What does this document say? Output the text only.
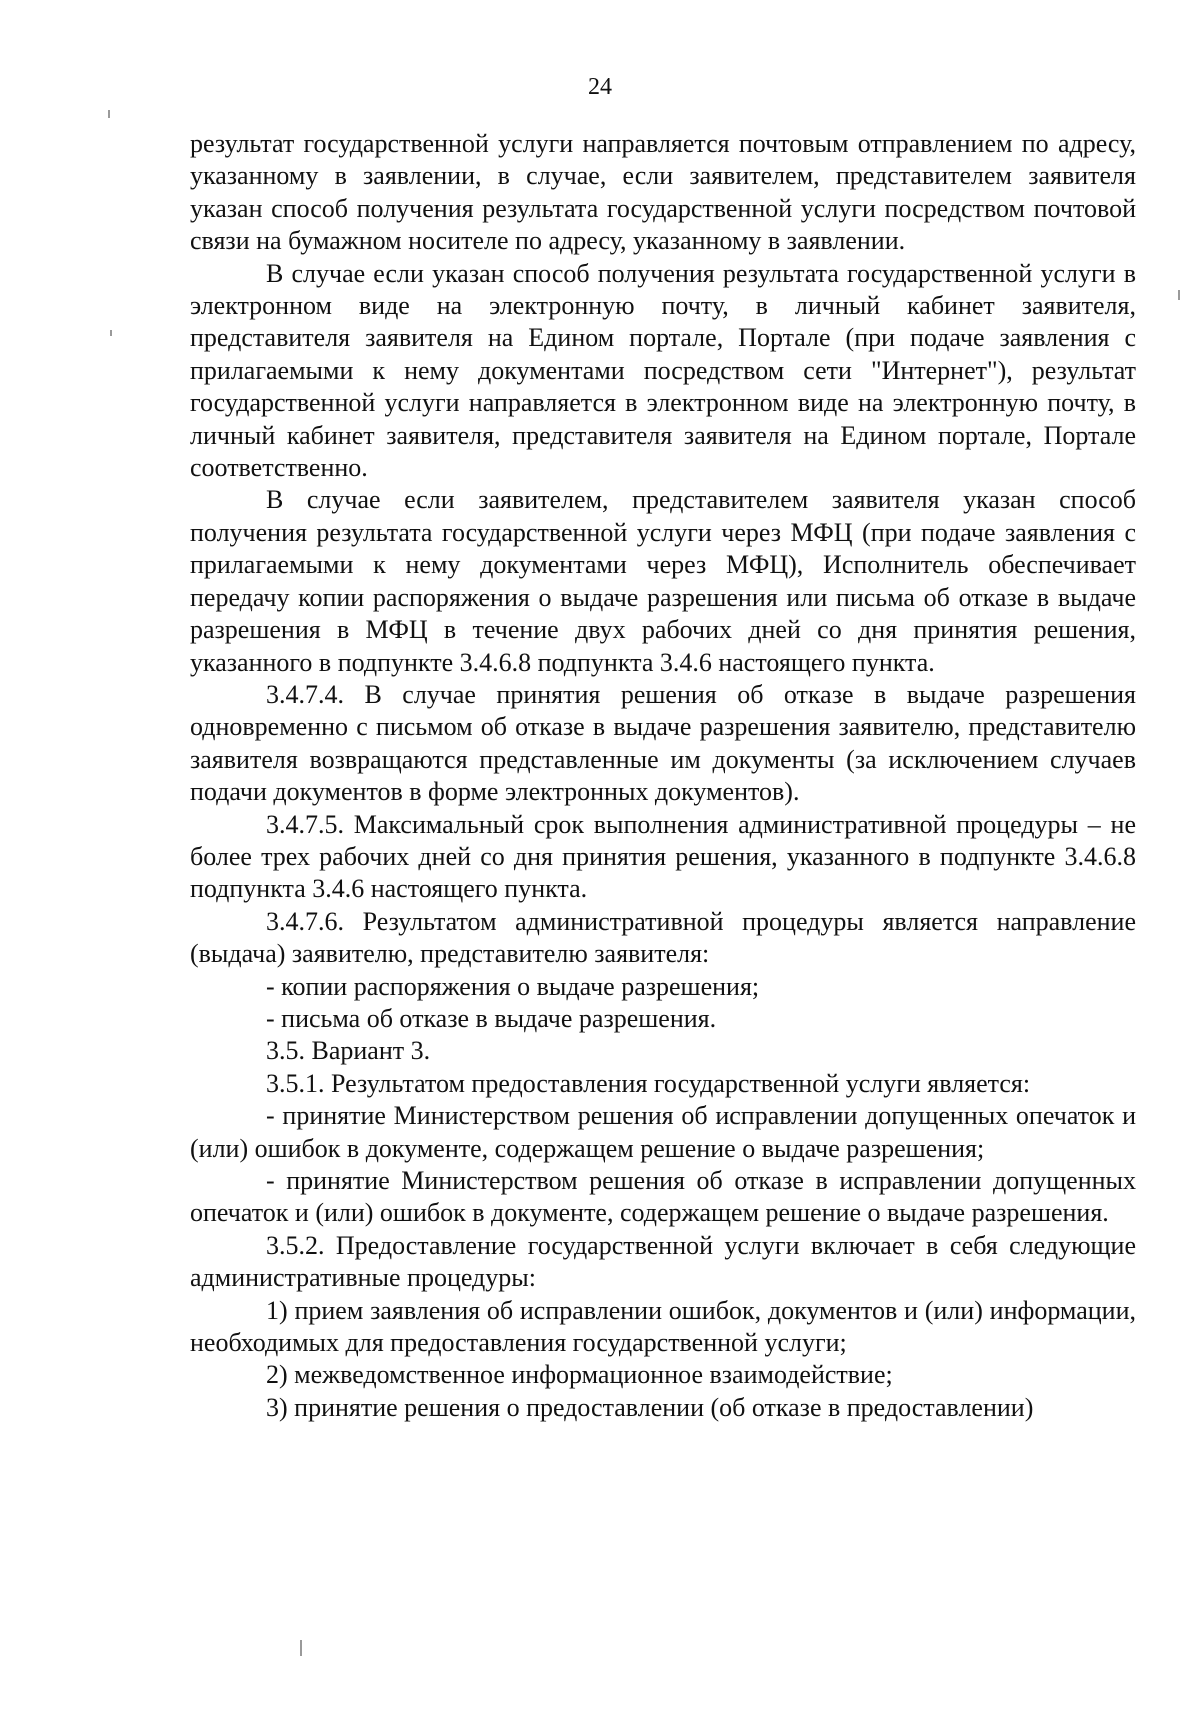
24

результат государственной услуги направляется почтовым отправлением по адресу, указанному в заявлении, в случае, если заявителем, представителем заявителя указан способ получения результата государственной услуги посредством почтовой связи на бумажном носителе по адресу, указанному в заявлении.

В случае если указан способ получения результата государственной услуги в электронном виде на электронную почту, в личный кабинет заявителя, представителя заявителя на Едином портале, Портале (при подаче заявления с прилагаемыми к нему документами посредством сети "Интернет"), результат государственной услуги направляется в электронном виде на электронную почту, в личный кабинет заявителя, представителя заявителя на Едином портале, Портале соответственно.

В случае если заявителем, представителем заявителя указан способ получения результата государственной услуги через МФЦ (при подаче заявления с прилагаемыми к нему документами через МФЦ), Исполнитель обеспечивает передачу копии распоряжения о выдаче разрешения или письма об отказе в выдаче разрешения в МФЦ в течение двух рабочих дней со дня принятия решения, указанного в подпункте 3.4.6.8 подпункта 3.4.6 настоящего пункта.

3.4.7.4. В случае принятия решения об отказе в выдаче разрешения одновременно с письмом об отказе в выдаче разрешения заявителю, представителю заявителя возвращаются представленные им документы (за исключением случаев подачи документов в форме электронных документов).

3.4.7.5. Максимальный срок выполнения административной процедуры – не более трех рабочих дней со дня принятия решения, указанного в подпункте 3.4.6.8 подпункта 3.4.6 настоящего пункта.

3.4.7.6. Результатом административной процедуры является направление (выдача) заявителю, представителю заявителя:

- копии распоряжения о выдаче разрешения;

- письма об отказе в выдаче разрешения.

3.5. Вариант 3.

3.5.1. Результатом предоставления государственной услуги является:

- принятие Министерством решения об исправлении допущенных опечаток и (или) ошибок в документе, содержащем решение о выдаче разрешения;

- принятие Министерством решения об отказе в исправлении допущенных опечаток и (или) ошибок в документе, содержащем решение о выдаче разрешения.

3.5.2. Предоставление государственной услуги включает в себя следующие административные процедуры:

1) прием заявления об исправлении ошибок, документов и (или) информации, необходимых для предоставления государственной услуги;

2) межведомственное информационное взаимодействие;

3) принятие решения о предоставлении (об отказе в предоставлении)
